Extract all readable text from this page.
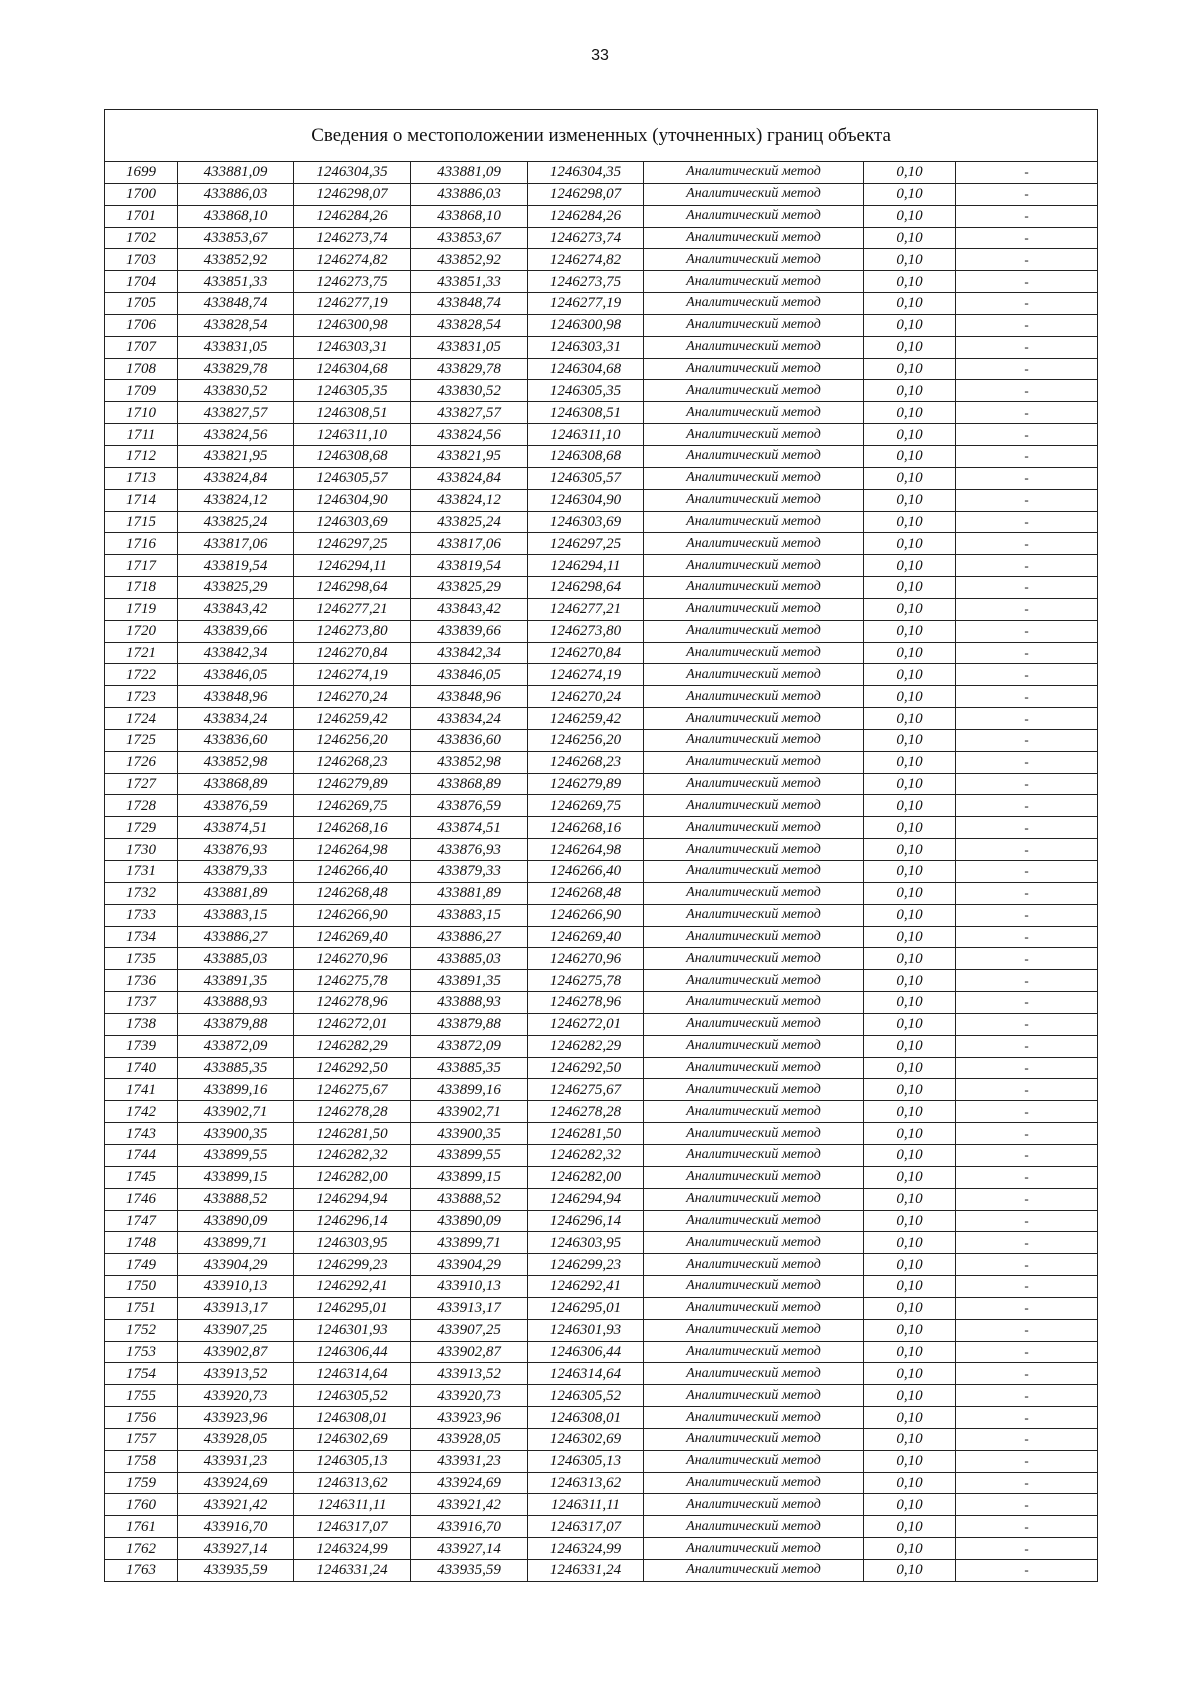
33
Сведения о местоположении измененных (уточненных) границ объекта							
1699	433881,09	1246304,35	433881,09	1246304,35	Аналитический метод	0,10	-
1700	433886,03	1246298,07	433886,03	1246298,07	Аналитический метод	0,10	-
1701	433868,10	1246284,26	433868,10	1246284,26	Аналитический метод	0,10	-
1702	433853,67	1246273,74	433853,67	1246273,74	Аналитический метод	0,10	-
1703	433852,92	1246274,82	433852,92	1246274,82	Аналитический метод	0,10	-
1704	433851,33	1246273,75	433851,33	1246273,75	Аналитический метод	0,10	-
1705	433848,74	1246277,19	433848,74	1246277,19	Аналитический метод	0,10	-
1706	433828,54	1246300,98	433828,54	1246300,98	Аналитический метод	0,10	-
1707	433831,05	1246303,31	433831,05	1246303,31	Аналитический метод	0,10	-
1708	433829,78	1246304,68	433829,78	1246304,68	Аналитический метод	0,10	-
1709	433830,52	1246305,35	433830,52	1246305,35	Аналитический метод	0,10	-
1710	433827,57	1246308,51	433827,57	1246308,51	Аналитический метод	0,10	-
1711	433824,56	1246311,10	433824,56	1246311,10	Аналитический метод	0,10	-
1712	433821,95	1246308,68	433821,95	1246308,68	Аналитический метод	0,10	-
1713	433824,84	1246305,57	433824,84	1246305,57	Аналитический метод	0,10	-
1714	433824,12	1246304,90	433824,12	1246304,90	Аналитический метод	0,10	-
1715	433825,24	1246303,69	433825,24	1246303,69	Аналитический метод	0,10	-
1716	433817,06	1246297,25	433817,06	1246297,25	Аналитический метод	0,10	-
1717	433819,54	1246294,11	433819,54	1246294,11	Аналитический метод	0,10	-
1718	433825,29	1246298,64	433825,29	1246298,64	Аналитический метод	0,10	-
1719	433843,42	1246277,21	433843,42	1246277,21	Аналитический метод	0,10	-
1720	433839,66	1246273,80	433839,66	1246273,80	Аналитический метод	0,10	-
1721	433842,34	1246270,84	433842,34	1246270,84	Аналитический метод	0,10	-
1722	433846,05	1246274,19	433846,05	1246274,19	Аналитический метод	0,10	-
1723	433848,96	1246270,24	433848,96	1246270,24	Аналитический метод	0,10	-
1724	433834,24	1246259,42	433834,24	1246259,42	Аналитический метод	0,10	-
1725	433836,60	1246256,20	433836,60	1246256,20	Аналитический метод	0,10	-
1726	433852,98	1246268,23	433852,98	1246268,23	Аналитический метод	0,10	-
1727	433868,89	1246279,89	433868,89	1246279,89	Аналитический метод	0,10	-
1728	433876,59	1246269,75	433876,59	1246269,75	Аналитический метод	0,10	-
1729	433874,51	1246268,16	433874,51	1246268,16	Аналитический метод	0,10	-
1730	433876,93	1246264,98	433876,93	1246264,98	Аналитический метод	0,10	-
1731	433879,33	1246266,40	433879,33	1246266,40	Аналитический метод	0,10	-
1732	433881,89	1246268,48	433881,89	1246268,48	Аналитический метод	0,10	-
1733	433883,15	1246266,90	433883,15	1246266,90	Аналитический метод	0,10	-
1734	433886,27	1246269,40	433886,27	1246269,40	Аналитический метод	0,10	-
1735	433885,03	1246270,96	433885,03	1246270,96	Аналитический метод	0,10	-
1736	433891,35	1246275,78	433891,35	1246275,78	Аналитический метод	0,10	-
1737	433888,93	1246278,96	433888,93	1246278,96	Аналитический метод	0,10	-
1738	433879,88	1246272,01	433879,88	1246272,01	Аналитический метод	0,10	-
1739	433872,09	1246282,29	433872,09	1246282,29	Аналитический метод	0,10	-
1740	433885,35	1246292,50	433885,35	1246292,50	Аналитический метод	0,10	-
1741	433899,16	1246275,67	433899,16	1246275,67	Аналитический метод	0,10	-
1742	433902,71	1246278,28	433902,71	1246278,28	Аналитический метод	0,10	-
1743	433900,35	1246281,50	433900,35	1246281,50	Аналитический метод	0,10	-
1744	433899,55	1246282,32	433899,55	1246282,32	Аналитический метод	0,10	-
1745	433899,15	1246282,00	433899,15	1246282,00	Аналитический метод	0,10	-
1746	433888,52	1246294,94	433888,52	1246294,94	Аналитический метод	0,10	-
1747	433890,09	1246296,14	433890,09	1246296,14	Аналитический метод	0,10	-
1748	433899,71	1246303,95	433899,71	1246303,95	Аналитический метод	0,10	-
1749	433904,29	1246299,23	433904,29	1246299,23	Аналитический метод	0,10	-
1750	433910,13	1246292,41	433910,13	1246292,41	Аналитический метод	0,10	-
1751	433913,17	1246295,01	433913,17	1246295,01	Аналитический метод	0,10	-
1752	433907,25	1246301,93	433907,25	1246301,93	Аналитический метод	0,10	-
1753	433902,87	1246306,44	433902,87	1246306,44	Аналитический метод	0,10	-
1754	433913,52	1246314,64	433913,52	1246314,64	Аналитический метод	0,10	-
1755	433920,73	1246305,52	433920,73	1246305,52	Аналитический метод	0,10	-
1756	433923,96	1246308,01	433923,96	1246308,01	Аналитический метод	0,10	-
1757	433928,05	1246302,69	433928,05	1246302,69	Аналитический метод	0,10	-
1758	433931,23	1246305,13	433931,23	1246305,13	Аналитический метод	0,10	-
1759	433924,69	1246313,62	433924,69	1246313,62	Аналитический метод	0,10	-
1760	433921,42	1246311,11	433921,42	1246311,11	Аналитический метод	0,10	-
1761	433916,70	1246317,07	433916,70	1246317,07	Аналитический метод	0,10	-
1762	433927,14	1246324,99	433927,14	1246324,99	Аналитический метод	0,10	-
1763	433935,59	1246331,24	433935,59	1246331,24	Аналитический метод	0,10	-
